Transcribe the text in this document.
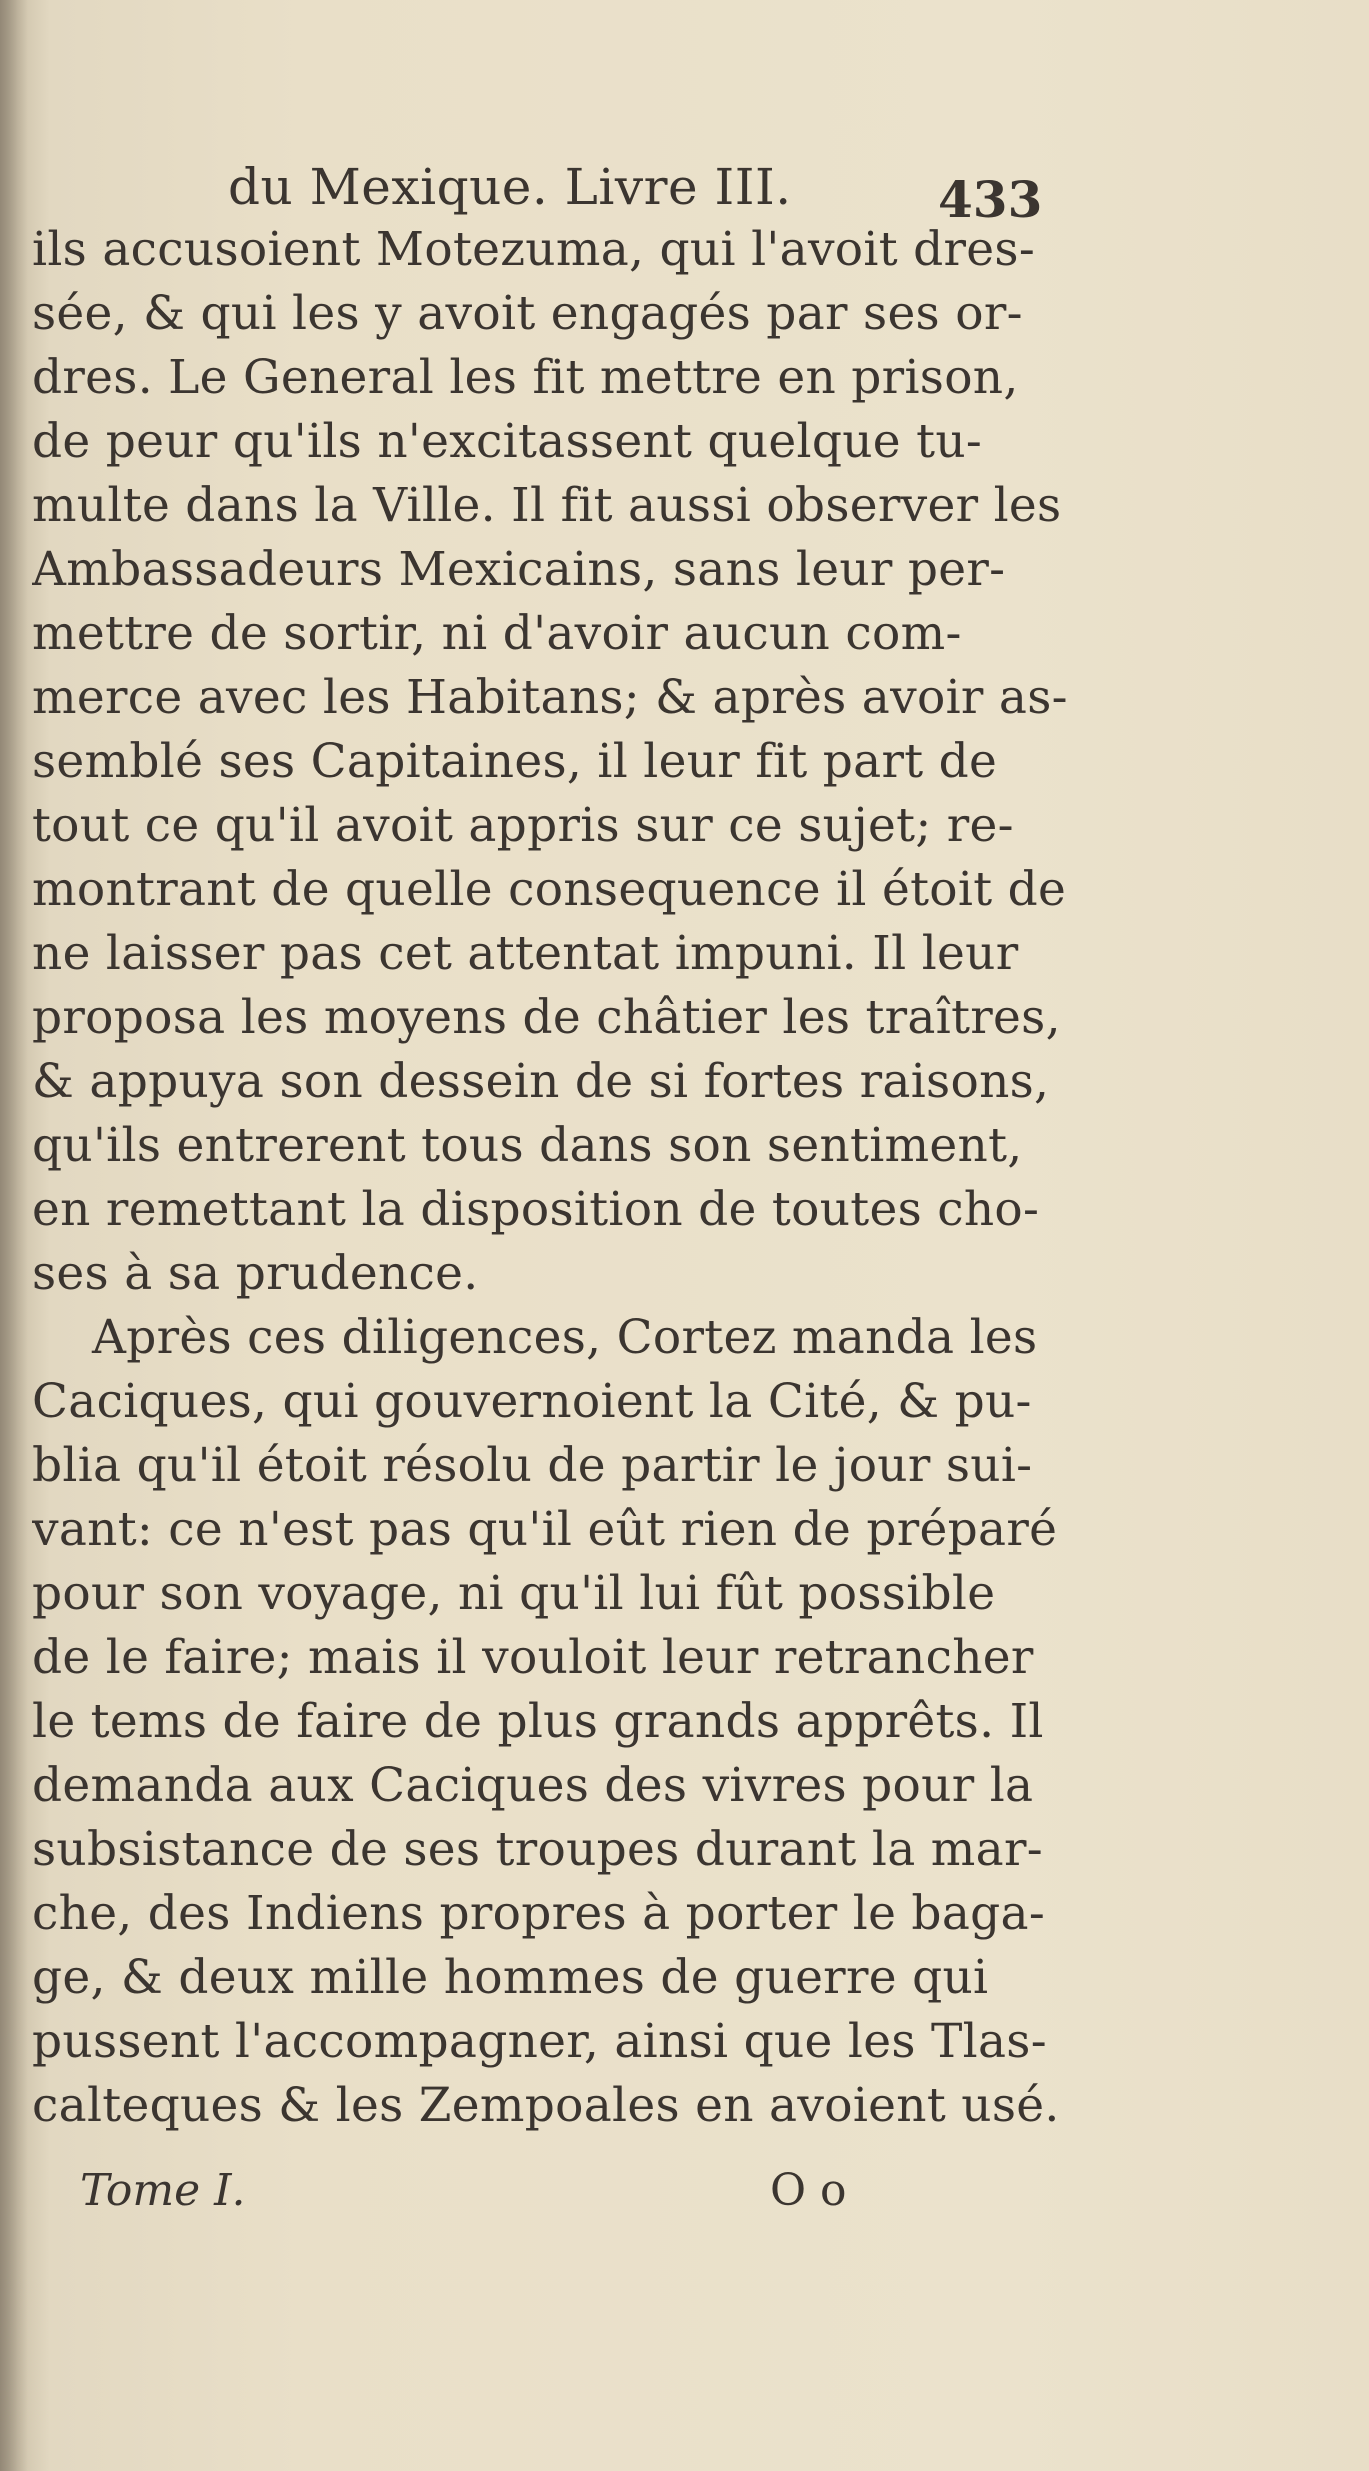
du Mexique. Livre III.	433
ils accusoient Motezuma, qui l'avoit dres-
sée, & qui les y avoit engagés par ses or-
dres. Le General les fit mettre en prison,
de peur qu'ils n'excitassent quelque tu-
multe dans la Ville. Il fit aussi observer les
Ambassadeurs Mexicains, sans leur per-
mettre de sortir, ni d'avoir aucun com-
merce avec les Habitans; & après avoir as-
semblé ses Capitaines, il leur fit part de
tout ce qu'il avoit appris sur ce sujet; re-
montrant de quelle consequence il étoit de
ne laisser pas cet attentat impuni. Il leur
proposa les moyens de châtier les traîtres,
& appuya son dessein de si fortes raisons,
qu'ils entrerent tous dans son sentiment,
en remettant la disposition de toutes cho-
ses à sa prudence.
Après ces diligences, Cortez manda les
Caciques, qui gouvernoient la Cité, & pu-
blia qu'il étoit résolu de partir le jour sui-
vant: ce n'est pas qu'il eût rien de préparé
pour son voyage, ni qu'il lui fût possible
de le faire; mais il vouloit leur retrancher
le tems de faire de plus grands apprêts. Il
demanda aux Caciques des vivres pour la
subsistance de ses troupes durant la mar-
che, des Indiens propres à porter le baga-
ge, & deux mille hommes de guerre qui
pussent l'accompagner, ainsi que les Tlas-
calteques & les Zempoales en avoient usé.
Tome I.	O o
